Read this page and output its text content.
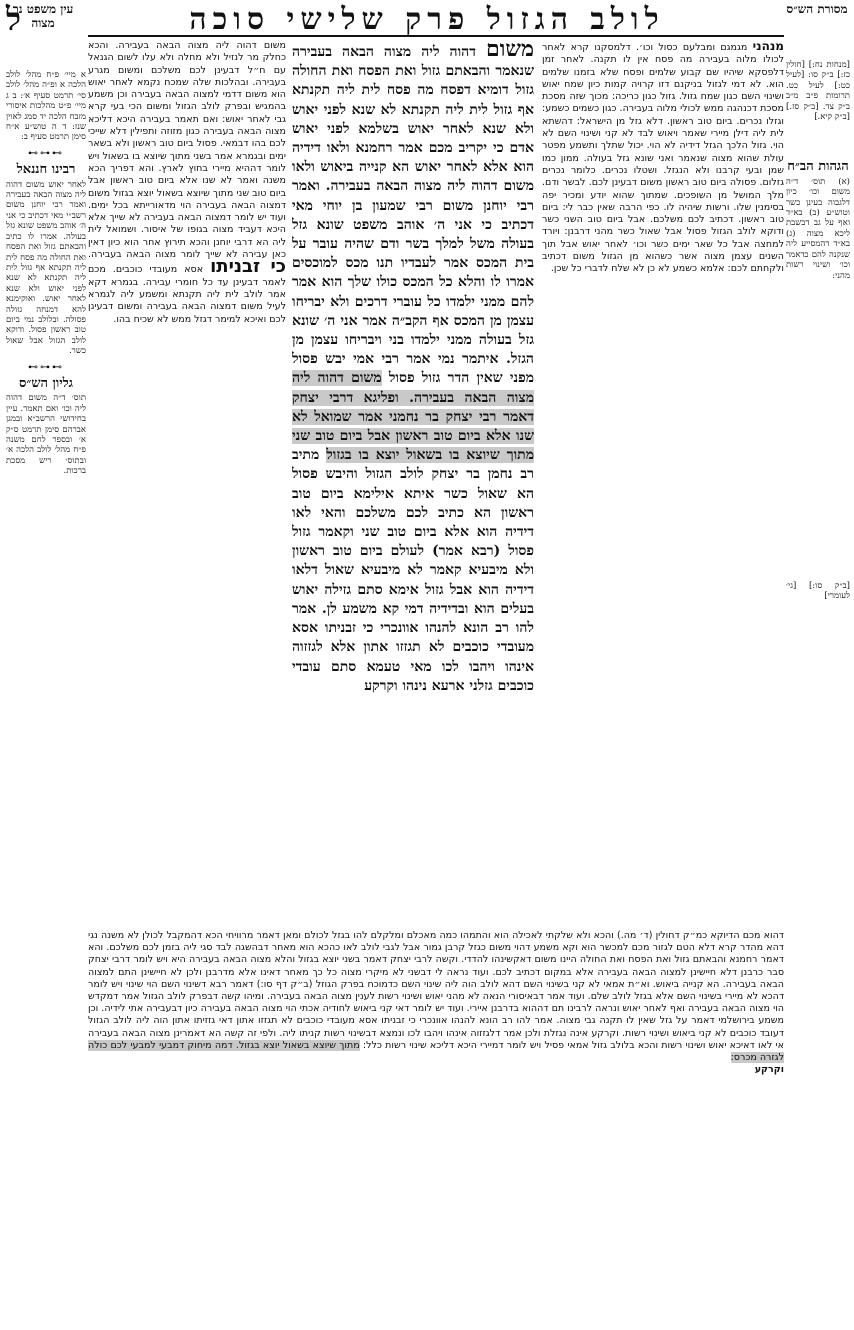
לולב הגזול פרק שלישי סוכה
ל	מסורת הש״ס
עין משפט נר מצוה
א מיי׳ פ״ח מהל׳ לולב הלכה א ופ״ה מהל׳ לולב סי׳ תרמט סעיף א׳: ב ג מיי׳ פ״ט מהלכות איסורי מזבח הלכה יד סמג לאוין שנז: ד ה טוש״ע א״ח סימן תרמט סעיף ב:
⊶⊷⊶
רבינו חננאל
לאחר יאוש משום דהוה ליה מצוה הבאה בעבירה ואמר רבי יוחנן משום רשב״י מאי דכתיב כי אני ה׳ אוהב משפט שונא גזל בעולה. אמרו לו כתיב והבאתם גזול ואת הפסח ואת החולה מה פסח לית ליה תקנתא אף גזול לית ליה תקנתא לא שנא לפני יאוש ולא שנא לאחר יאוש. ואוקימנא להא דמנחה גזולה פסולה. ובלולב נמי ביום טוב ראשון פסול. ודוקא לולב הגזול אבל שאול כשר.
⊶⊷⊶
גליון הש״ס
תוס׳ ד״ה משום דהוה ליה וכו׳ ואם תאמר. עיין בחידושי הרשב״א ובמגן אברהם סימן תרמט ס״ק א׳ ובספר לחם משנה פ״ח מהל׳ לולב הלכה א׳ ובתוס׳ ריש מסכת ברכות.
[מנחות נח:] [חולין כז:] ב״ק סו: [לעיל כט:] לעיל כט. תרומות פ״ב מ״ב ב״ק צד. [ב״ק סז.] [ב״ק קיא.]
הגהות הב״ח
(א) תוס׳ ד״ה משום וכו׳ כיון דלגבוה בעינן כשר וטוש״ע (ב) בא״ד ואף על גב דבשבת ליכא מצוה (ג) בא״ד דהמסייע ליה שנקנה להם כדאמר וכו׳ ושינוי רשות מהני:
[ב״ק סו:] [גי׳ לעומרי]
מנהני מגמגם ומבלעם כסול וכו׳. דלמסקנו קרא לאחר לכולו מלוה בעבירה מה פסח אין לו תקנה. לאחר זמן דלפסקא שיהיו שם קבוע שלמים ופסח שלא בזמנו שלמים הוא. לא דמי לגזול בניקנם דזו קרויה קמות כיון שמח יאוש ושינוי השם כגון שמח גזול. גזול כגון כריכה: מכוך שזה מסכת מסכת דכנהגה ממש לכולי מלוה בעבירה. כגון כשמים כשמע: וגזלו נכרים. ביום טוב ראשון. דלא גזל מן הישראל: דהשתא לית ליה דילן מיירי שאמר ויאוש לבד לא קני ושינוי השם לא הוי. גזול הלכך הגזל דידיה לא הוי. יכול שתלך ותשמע מפטר עולת שהוא מצוה שנאמר ואני שונא גזל בעולה. ממון כמו שמן ובעי קרבנו ולא הנגזל. ושטלו נכרים. כלומר נכרים גזלום. פסולה ביום טוב ראשון משום דבעינן לכם. לבשר ודם. מלך המושל מן השופכים. שמתוך שהוא יודע ומכיר יפה בסימנין שלו. ורשות שיהיה לו. כפי הרבה שאין כבר לי: ביום טוב ראשון. דכתיב לכם משלכם. אבל ביום טוב השני כשר ודוקא לולב הגזול פסול אבל שאול כשר מהני דרבנן: ויורד למחצה אבל כל שאר ימים כשר וכו׳ לאחר יאוש אבל תוך השנים עצמן מצוה אשר כשהוא מן הגזול משום דכתיב ולקחתם לכם: אלמא כשמע לא כן לא שלח לדברי כל שכן.
משום דהוה ליה מצוה הבאה בעבירה שנאמר והבאתם גזול ואת הפסח ואת החולה גזול דומיא דפסח מה פסח לית ליה תקנתא אף גזול לית ליה תקנתא לא שנא לפני יאוש ולא שנא לאחר יאוש בשלמא לפני יאוש אדם כי יקריב מכם אמר רחמנא ולאו דידיה הוא אלא לאחר יאוש הא קנייה ביאוש ולאו משום דהוה ליה מצוה הבאה בעבירה. ואמר רבי יוחנן משום רבי שמעון בן יוחי מאי דכתיב כי אני ה׳ אוהב משפט שונא גזל בעולה משל למלך בשר ודם שהיה עובר על בית המכס אמר לעבדיו תנו מכס למוכסים אמרו לו והלא כל המכס כולו שלך הוא אמר להם ממני ילמדו כל עוברי דרכים ולא יבריחו עצמן מן המכס אף הקב״ה אמר אני ה׳ שונא גזל בעולה ממני ילמדו בני ויבריחו עצמן מן הגזל. איתמר נמי אמר רבי אמי יבש פסול מפני שאין הדר גזול פסול משום דהוה ליה מצוה הבאה בעבירה. ופליגא דרבי יצחק דאמר רבי יצחק בר נחמני אמר שמואל לא שנו אלא ביום טוב ראשון אבל ביום טוב שני מתוך שיוצא בו בשאול יוצא בו בגזול מתיב רב נחמן בר יצחק לולב הגזול והיבש פסול הא שאול כשר איתא אילימא ביום טוב ראשון הא כתיב לכם משלכם והאי לאו דידיה הוא אלא ביום טוב שני וקאמר גזול פסול (רבא אמר) לעולם ביום טוב ראשון ולא מיבעיא קאמר לא מיבעיא שאול דלאו דידיה הוא אבל גזול אימא סתם גזילה יאוש בעלים הוא ובדידיה דמי קא משמע לן. אמר להו רב הונא להנהו אוונכרי כי זבניתו אסא מעובדי כוכבים לא תגזזו אתון אלא לגזזוה אינהו ויהבו לכו מאי טעמא סתם עובדי כוכבים גזלני ארעא נינהו וקרקע
משום דהוה ליה מצוה הבאה בעבירה. והכא כחלק מר לנזיל ולא מחלה ולא עלו לשום הגנאל עם ח״ל דבעינן לכם משלכם ומשום מגרע בעבירה. ובהלכות שלה שמכח נקמא לאחר יאוש הוא משום דדמי למצוה הבאה בעבירה וכן משמע בהמגיש ובפרק לולב הגזול ומשום הכי בעי קרא גבי לאחר יאוש: ואם תאמר בעבירה היכא דליכא מצוה הבאה בעבירה כגון מזוזה ותפילין דלא שייכי לכם בהו דבמאי. פסול ביום טוב ראשון ולא בשאר ימים ובגמרא אמר בשני מתוך שיוצא בו בשאול ויש לומר דההיא מיירי בחוץ לארץ. והא דפריך הכא משנה ואמר לא שנו אלא ביום טוב ראשון אבל ביום טוב שני מתוך שיוצא בשאול יוצא בגזול משום דמצוה הבאה בעבירה הוי מדאורייתא בכל ימים. ועוד יש לומר דמצוה הבאה בעבירה לא שייך אלא היכא דעביד מצוה בגופו של איסור. ושמואל לית ליה הא דרבי יוחנן והכא תירוץ אחר הוא כיון דאין כאן עבירה לא שייך לומר מצוה הבאה בעבירה. כי זבניתו אסא מעובדי כוכבים. מכם לאמר דבעינן עד כל חומרי עבירה. בגמרא דקא אמר לולב לית ליה תקנתא ומשמע ליה לגמרא לעיל משום דמצוה הבאה בעבירה ומשום דבעינן לכם ואיכא למימר דגזל ממש לא שכיח בהו.
דהוא מכם הדיוקא כמ״ק דחולין (ד׳ מה.) והכא ולא שלקתי לאכילה הוא והתמהו כמה מאכלם ומלקלם להו בגזל לכולם ומאן דאמר מרוויחי הכא דהמקבל לכולן לא משנה נגי דהא מהדר קרא דלא הטם לגזור מכם למכשר הוא וקא משמע דהוי משום כגזל קרבן גמור אבל לגבי לולב לאו כהכא הוא מאחר דבהשגה לבד סגי ליה בזמן לכם משלכם. והא דאמר רחמנא והבאתם גזול ואת הפסח ואת החולה היינו משום דאקשינהו להדדי. וקשה לרבי יצחק דאמר בשני יוצא בגזול והלא מצוה הבאה בעבירה היא ויש לומר דרבי יצחק סבר כרבנן דלא חיישינן למצוה הבאה בעבירה אלא במקום דכתיב לכם. ועוד נראה לי דבשני לא מיקרי מצוה כל כך מאחר דאינו אלא מדרבנן ולכן לא חיישינן התם למצוה הבאה בעבירה. הא קנייה ביאוש. וא״ת אמאי לא קני בשינוי השם דהא לולב הוה ליה שינוי השם כדמוכח בפרק הגוזל (ב״ק דף סו:) דאמר רבא דשינוי השם הוי שינוי ויש לומר דהכא לא מיירי בשינוי השם אלא בגזל לולב שלם. ועוד אמר דבאיסורי הנאה לא מהני יאוש ושינוי רשות לענין מצוה הבאה בעבירה. ומיהו קשה דבפרק לולב הגזול אמר דמקדש הוי מצוה הבאה בעבירה ואף לאחר יאוש ונראה לרבינו תם דההוא בדרבנן איירי. ועוד יש לומר דאי קני ביאוש לחודיה אכתי הוי מצוה הבאה בעבירה כיון דבעבירה אתי לידיה. וכן משמע בירושלמי דאמר על גזל שאין לו תקנה גבי מצוה. אמר להו רב הונא להנהו אוונכרי כי זבניתו אסא מעובדי כוכבים לא תגזזו אתון דאי גזזיתו אתון הוה ליה לולב הגזול דעובד כוכבים לא קני ביאוש ושינוי רשות. וקרקע אינה נגזלת ולכן אמר דלגזזוה אינהו ויהבו לכו ונמצא דבשינוי רשות קניתו ליה. ולפי זה קשה הא דאמרינן מצוה הבאה בעבירה אי לאו דאיכא יאוש ושינוי רשות והכא בלולב גזול אמאי פסיל ויש לומר דמיירי היכא דליכא שינוי רשות כלל: מתוך שיוצא בשאול יוצא בגזול. דמה מיחוק דמבעי למבעי לכם כולה לגזרה מכרס:
וקרקע
